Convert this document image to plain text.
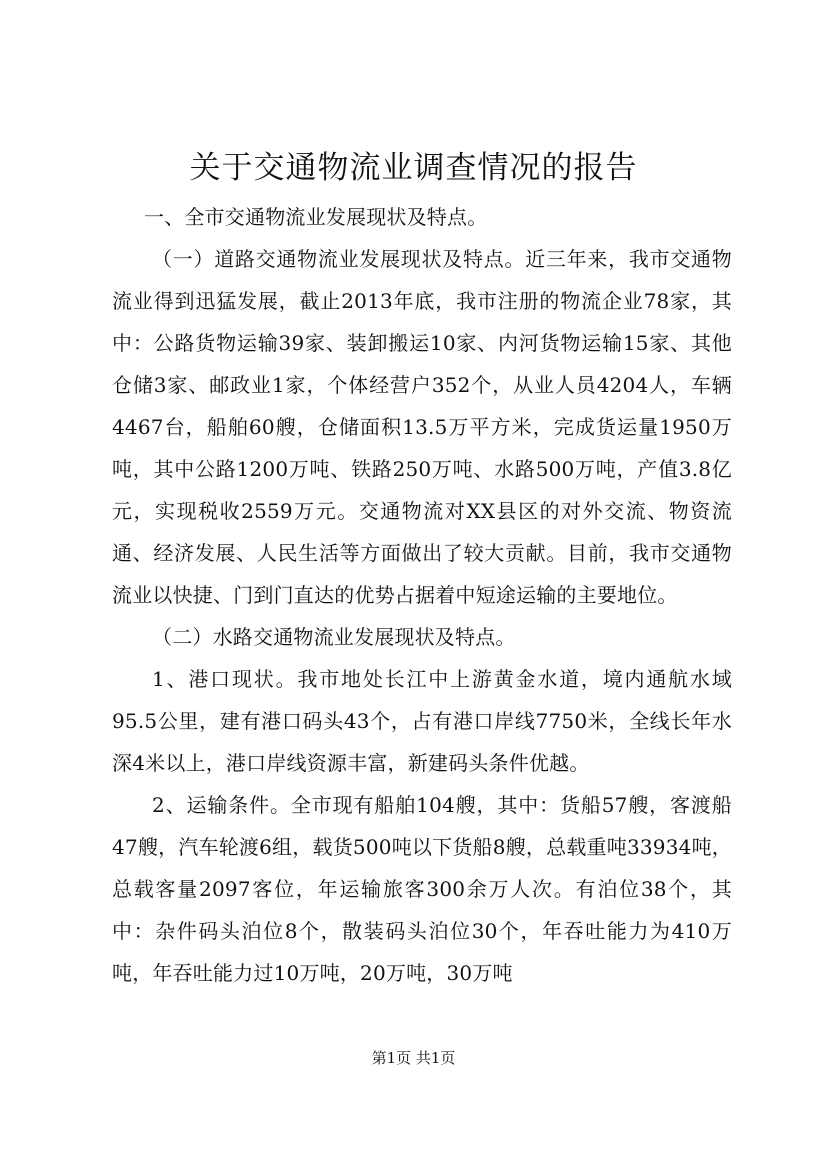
关于交通物流业调查情况的报告

一、全市交通物流业发展现状及特点。

（一）道路交通物流业发展现状及特点。近三年来，我市交通物流业得到迅猛发展，截止2013年底，我市注册的物流企业78家，其中：公路货物运输39家、装卸搬运10家、内河货物运输15家、其他仓储3家、邮政业1家，个体经营户352个，从业人员4204人，车辆4467台，船舶60艘，仓储面积13.5万平方米，完成货运量1950万吨，其中公路1200万吨、铁路250万吨、水路500万吨，产值3.8亿元，实现税收2559万元。交通物流对XX县区的对外交流、物资流通、经济发展、人民生活等方面做出了较大贡献。目前，我市交通物流业以快捷、门到门直达的优势占据着中短途运输的主要地位。

（二）水路交通物流业发展现状及特点。

1、港口现状。我市地处长江中上游黄金水道，境内通航水域95.5公里，建有港口码头43个，占有港口岸线7750米，全线长年水深4米以上，港口岸线资源丰富，新建码头条件优越。

2、运输条件。全市现有船舶104艘，其中：货船57艘，客渡船47艘，汽车轮渡6组，载货500吨以下货船8艘，总载重吨33934吨，总载客量2097客位，年运输旅客300余万人次。有泊位38个，其中：杂件码头泊位8个，散装码头泊位30个，年吞吐能力为410万吨，年吞吐能力过10万吨，20万吨，30万吨

第1页 共1页
